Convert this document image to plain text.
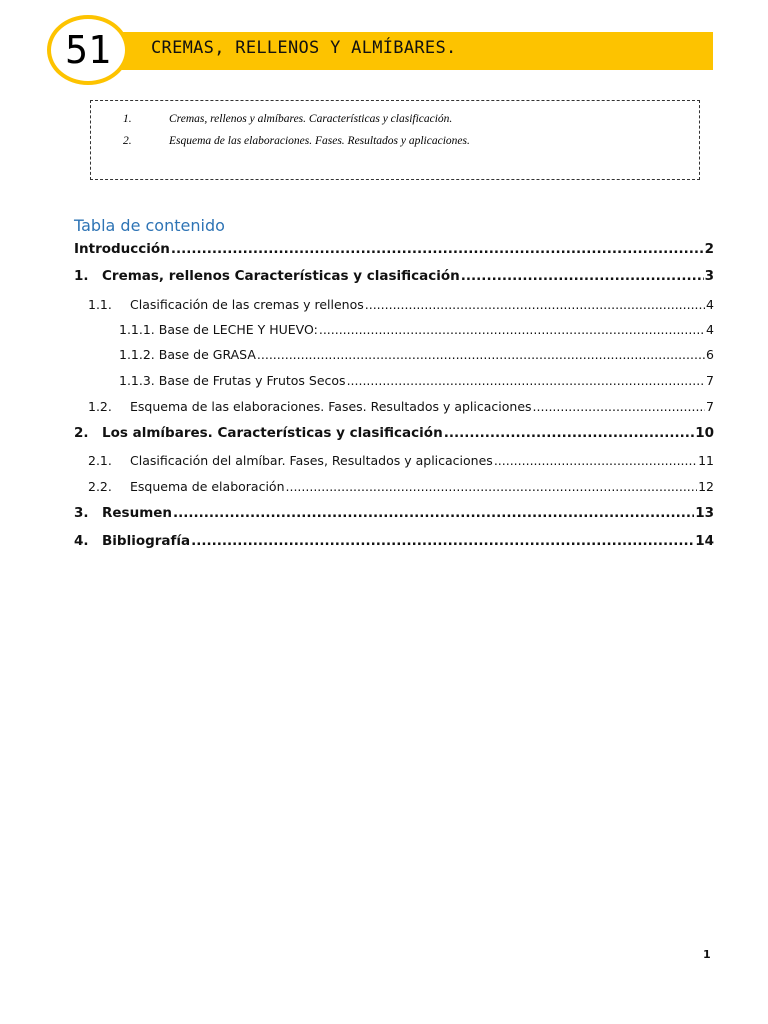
CREMAS, RELLENOS Y ALMÍBARES.
51
1.	Cremas, rellenos y almíbares. Características y clasificación.
2.	Esquema de las elaboraciones. Fases. Resultados y aplicaciones.
Tabla de contenido
Introducción .....	2
1. Cremas, rellenos Características y clasificación .....	3
1.1.	Clasificación de las cremas y rellenos .....	4
1.1.1. Base de LECHE Y HUEVO: .....	4
1.1.2. Base de GRASA .....	6
1.1.3. Base de Frutas y Frutos Secos .....	7
1.2.	Esquema de las elaboraciones. Fases. Resultados y aplicaciones .....	7
2. Los almíbares. Características y clasificación .....	10
2.1.	Clasificación del almíbar. Fases, Resultados y aplicaciones .....	11
2.2.	Esquema de elaboración .....	12
3. Resumen .....	13
4. Bibliografía .....	14
1
